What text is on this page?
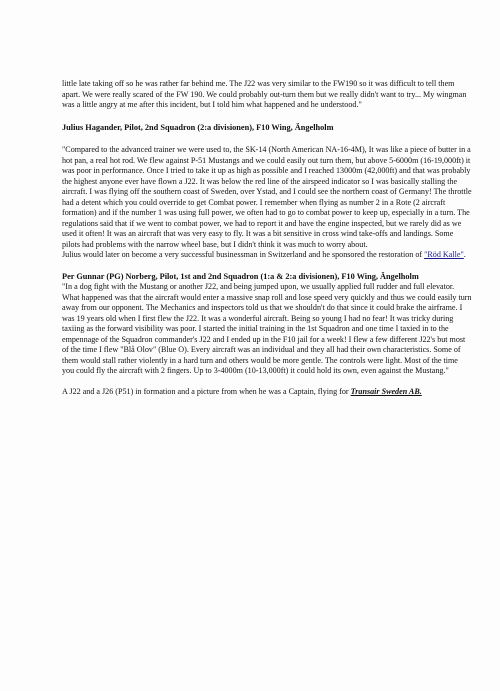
little late taking off so he was rather far behind me. The J22 was very similar to the FW190 so it was difficult to tell them apart. We were really scared of the FW 190. We could probably out-turn them but we really didn't want to try... My wingman was a little angry at me after this incident, but I told him what happened and he understood."

Julius Hagander, Pilot, 2nd Squadron (2:a divisionen), F10 Wing, Ängelholm

"Compared to the advanced trainer we were used to, the SK-14 (North American NA-16-4M), It was like a piece of butter in a hot pan, a real hot rod. We flew against P-51 Mustangs and we could easily out turn them, but above 5-6000m (16-19,000ft) it was poor in performance. Once I tried to take it up as high as possible and I reached 13000m (42,000ft) and that was probably the highest anyone ever have flown a J22. It was below the red line of the airspeed indicator so I was basically stalling the aircraft. I was flying off the southern coast of Sweden, over Ystad, and I could see the northern coast of Germany! The throttle had a detent which you could override to get Combat power. I remember when flying as number 2 in a Rote (2 aircraft formation) and if the number 1 was using full power, we often had to go to combat power to keep up, especially in a turn. The regulations said that if we went to combat power, we had to report it and have the engine inspected, but we rarely did as we used it often! It was an aircraft that was very easy to fly. It was a bit sensitive in cross wind take-offs and landings. Some pilots had problems with the narrow wheel base, but I didn't think it was much to worry about.

Julius would later on become a very successful businessman in Switzerland and he sponsored the restoration of "Röd Kalle".

Per Gunnar (PG) Norberg, Pilot, 1st and 2nd Squadron (1:a & 2:a divisionen), F10 Wing, Ängelholm

"In a dog fight with the Mustang or another J22, and being jumped upon, we usually applied full rudder and full elevator. What happened was that the aircraft would enter a massive snap roll and lose speed very quickly and thus we could easily turn away from our opponent. The Mechanics and inspectors told us that we shouldn't do that since it could brake the airframe. I was 19 years old when I first flew the J22. It was a wonderful aircraft. Being so young I had no fear! It was tricky during taxiing as the forward visibility was poor. I started the initial training in the 1st Squadron and one time I taxied in to the empennage of the Squadron commander's J22 and I ended up in the F10 jail for a week! I flew a few different J22's but most of the time I flew "Blå Olov" (Blue O). Every aircraft was an individual and they all had their own characteristics. Some of them would stall rather violently in a hard turn and others would be more gentle. The controls were light. Most of the time you could fly the aircraft with 2 fingers. Up to 3-4000m (10-13,000ft) it could hold its own, even against the Mustang."

A J22 and a J26 (P51) in formation and a picture from when he was a Captain, flying for Transair Sweden AB.
